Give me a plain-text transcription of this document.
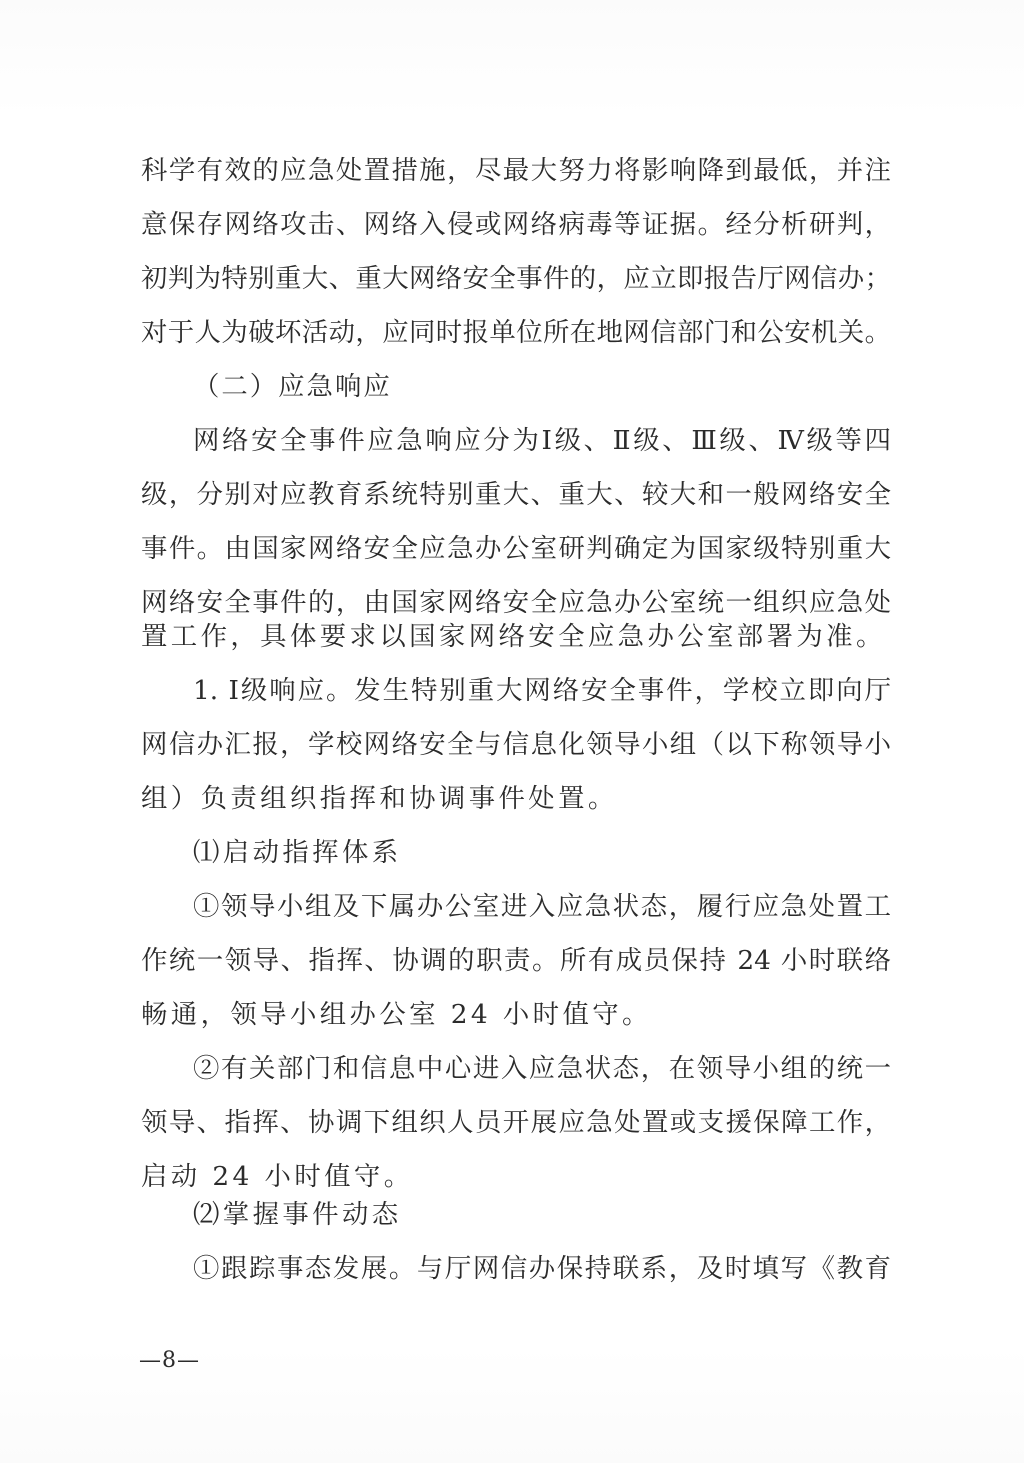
科学有效的应急处置措施，尽最大努力将影响降到最低，并注
意保存网络攻击、网络入侵或网络病毒等证据。经分析研判，
初判为特别重大、重大网络安全事件的，应立即报告厅网信办；
对于人为破坏活动，应同时报单位所在地网信部门和公安机关。
（二）应急响应
网络安全事件应急响应分为Ⅰ级、Ⅱ级、Ⅲ级、Ⅳ级等四
级，分别对应教育系统特别重大、重大、较大和一般网络安全
事件。由国家网络安全应急办公室研判确定为国家级特别重大
网络安全事件的，由国家网络安全应急办公室统一组织应急处
置工作，具体要求以国家网络安全应急办公室部署为准。
1. Ⅰ级响应。发生特别重大网络安全事件，学校立即向厅
网信办汇报，学校网络安全与信息化领导小组（以下称领导小
组）负责组织指挥和协调事件处置。
⑴启动指挥体系
①领导小组及下属办公室进入应急状态，履行应急处置工
作统一领导、指挥、协调的职责。所有成员保持 24 小时联络
畅通，领导小组办公室 24 小时值守。
②有关部门和信息中心进入应急状态，在领导小组的统一
领导、指挥、协调下组织人员开展应急处置或支援保障工作，
启动 24 小时值守。
⑵掌握事件动态
①跟踪事态发展。与厅网信办保持联系，及时填写《教育
—8—
